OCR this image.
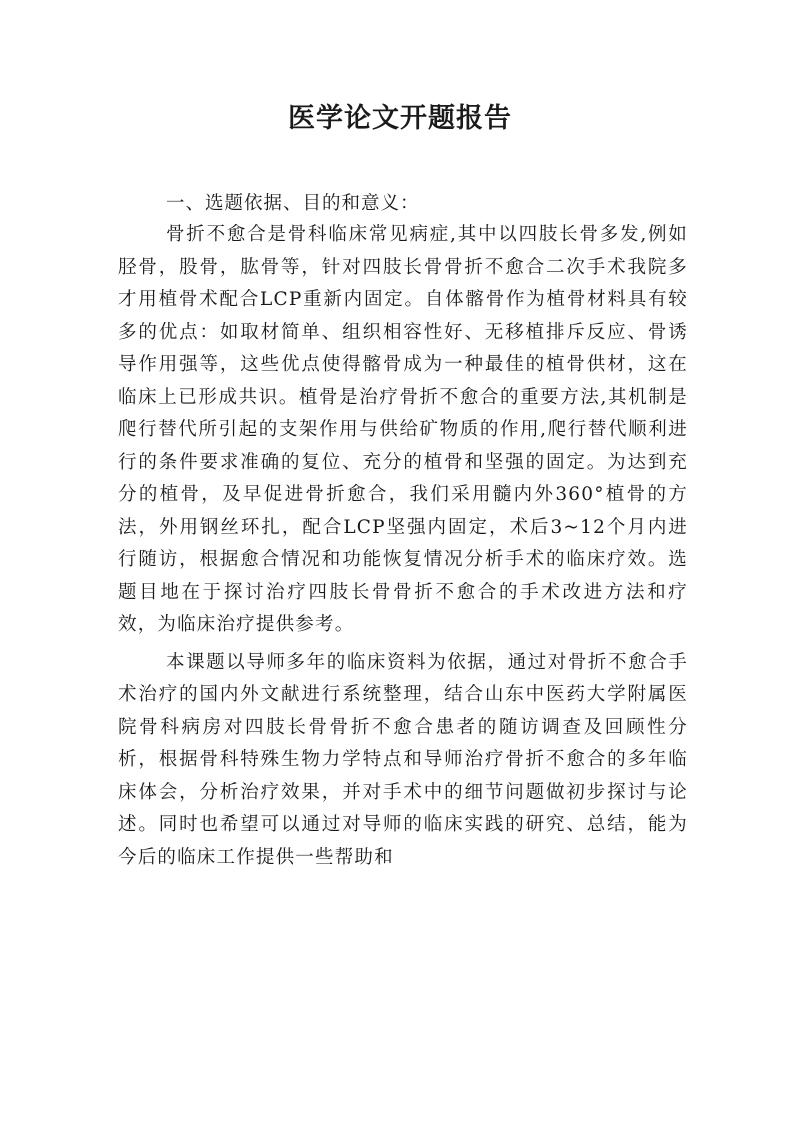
医学论文开题报告

一、选题依据、目的和意义：

骨折不愈合是骨科临床常见病症,其中以四肢长骨多发,例如胫骨，股骨，肱骨等，针对四肢长骨骨折不愈合二次手术我院多才用植骨术配合LCP重新内固定。自体髂骨作为植骨材料具有较多的优点：如取材简单、组织相容性好、无移植排斥反应、骨诱导作用强等，这些优点使得髂骨成为一种最佳的植骨供材，这在临床上已形成共识。植骨是治疗骨折不愈合的重要方法,其机制是爬行替代所引起的支架作用与供给矿物质的作用,爬行替代顺利进行的条件要求准确的复位、充分的植骨和坚强的固定。为达到充分的植骨，及早促进骨折愈合，我们采用髓内外360°植骨的方法，外用钢丝环扎，配合LCP坚强内固定，术后3~12个月内进行随访，根据愈合情况和功能恢复情况分析手术的临床疗效。选题目地在于探讨治疗四肢长骨骨折不愈合的手术改进方法和疗效，为临床治疗提供参考。

本课题以导师多年的临床资料为依据，通过对骨折不愈合手术治疗的国内外文献进行系统整理，结合山东中医药大学附属医院骨科病房对四肢长骨骨折不愈合患者的随访调查及回顾性分析，根据骨科特殊生物力学特点和导师治疗骨折不愈合的多年临床体会，分析治疗效果，并对手术中的细节问题做初步探讨与论述。同时也希望可以通过对导师的临床实践的研究、总结，能为今后的临床工作提供一些帮助和
